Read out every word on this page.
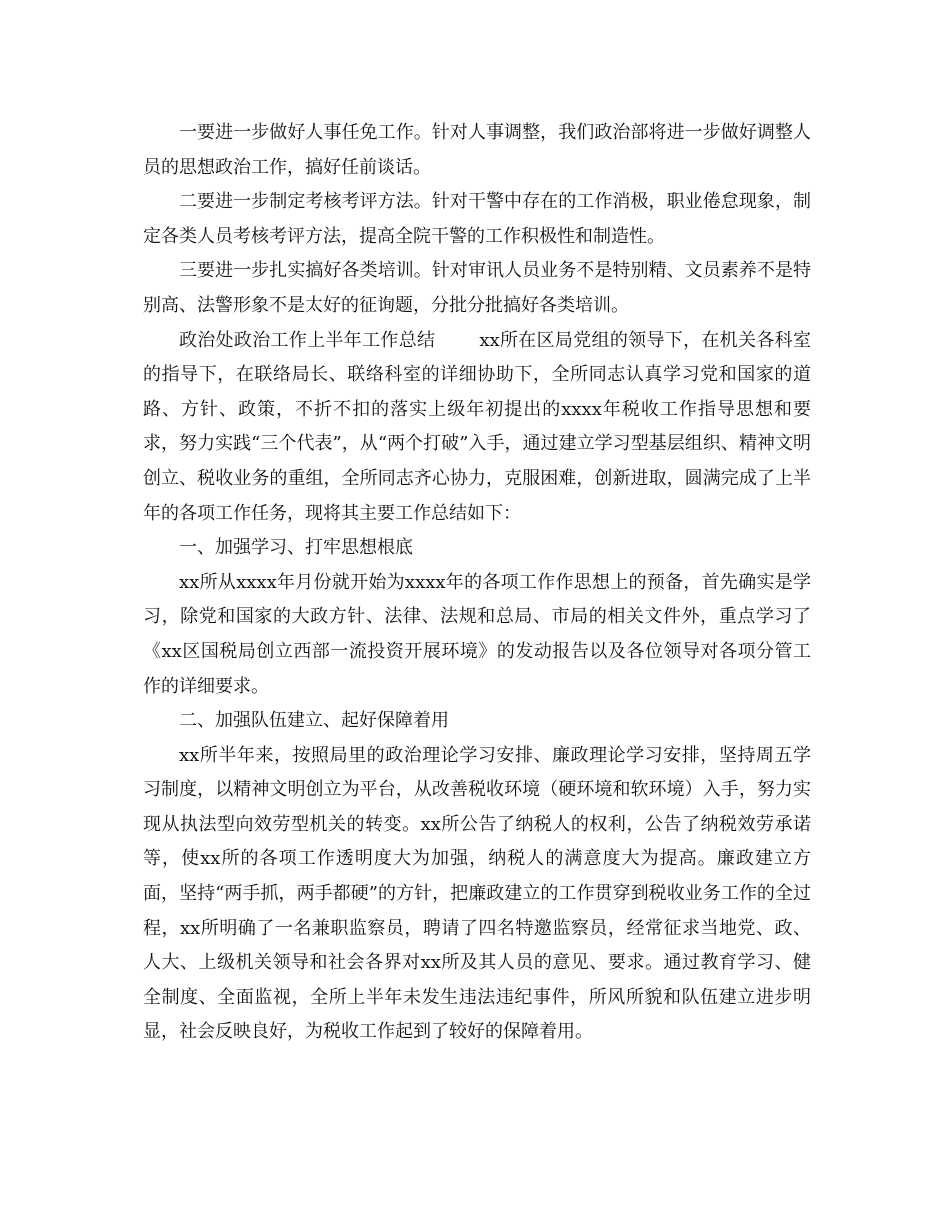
一要进一步做好人事任免工作。针对人事调整，我们政治部将进一步做好调整人员的思想政治工作，搞好任前谈话。

二要进一步制定考核考评方法。针对干警中存在的工作消极，职业倦怠现象，制定各类人员考核考评方法，提高全院干警的工作积极性和制造性。

三要进一步扎实搞好各类培训。针对审讯人员业务不是特别精、文员素养不是特别高、法警形象不是太好的征询题，分批分批搞好各类培训。

政治处政治工作上半年工作总结 xx所在区局党组的领导下，在机关各科室的指导下，在联络局长、联络科室的详细协助下，全所同志认真学习党和国家的道路、方针、政策，不折不扣的落实上级年初提出的xxxx年税收工作指导思想和要求，努力实践“三个代表”，从“两个打破”入手，通过建立学习型基层组织、精神文明创立、税收业务的重组，全所同志齐心协力，克服困难，创新进取，圆满完成了上半年的各项工作任务，现将其主要工作总结如下：

一、加强学习、打牢思想根底

xx所从xxxx年月份就开始为xxxx年的各项工作作思想上的预备，首先确实是学习，除党和国家的大政方针、法律、法规和总局、市局的相关文件外，重点学习了《xx区国税局创立西部一流投资开展环境》的发动报告以及各位领导对各项分管工作的详细要求。

二、加强队伍建立、起好保障着用

xx所半年来，按照局里的政治理论学习安排、廉政理论学习安排，坚持周五学习制度，以精神文明创立为平台，从改善税收环境（硬环境和软环境）入手，努力实现从执法型向效劳型机关的转变。xx所公告了纳税人的权利，公告了纳税效劳承诺等，使xx所的各项工作透明度大为加强，纳税人的满意度大为提高。廉政建立方面，坚持“两手抓，两手都硬”的方针，把廉政建立的工作贯穿到税收业务工作的全过程，xx所明确了一名兼职监察员，聘请了四名特邀监察员，经常征求当地党、政、人大、上级机关领导和社会各界对xx所及其人员的意见、要求。通过教育学习、健全制度、全面监视，全所上半年未发生违法违纪事件，所风所貌和队伍建立进步明显，社会反映良好，为税收工作起到了较好的保障着用。
